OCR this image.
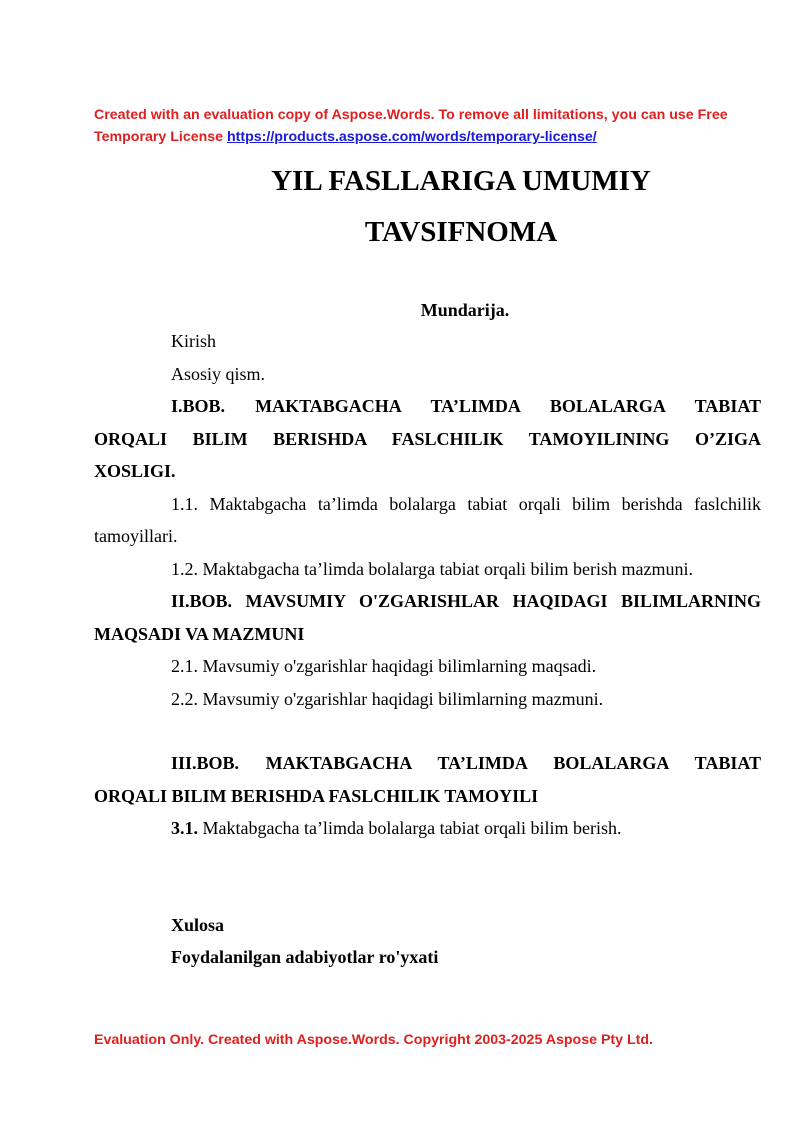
Created with an evaluation copy of Aspose.Words. To remove all limitations, you can use Free
Temporary License https://products.aspose.com/words/temporary-license/
YIL FASLLARIGA UMUMIY
TAVSIFNOMA
Mundarija.
Kirish
Asosiy qism.
I.BOB. MAKTABGACHA TA’LIMDA BOLALARGA TABIAT
ORQALI BILIM BERISHDA FASLCHILIK TAMOYILINING O’ZIGA
XOSLIGI.
1.1. Maktabgacha ta’limda bolalarga tabiat orqali bilim berishda faslchilik
tamoyillari.
1.2. Maktabgacha ta’limda bolalarga tabiat orqali bilim berish mazmuni.
II.BOB. MAVSUMIY O'ZGARISHLAR HAQIDAGI BILIMLARNING
MAQSADI VA MAZMUNI
2.1. Mavsumiy o'zgarishlar haqidagi bilimlarning maqsadi.
2.2. Mavsumiy o'zgarishlar haqidagi bilimlarning mazmuni.
III.BOB. MAKTABGACHA TA’LIMDA BOLALARGA TABIAT
ORQALI BILIM BERISHDA FASLCHILIK TAMOYILI
3.1. Maktabgacha ta’limda bolalarga tabiat orqali bilim berish.
Xulosa
Foydalanilgan adabiyotlar ro'yxati
Evaluation Only. Created with Aspose.Words. Copyright 2003-2025 Aspose Pty Ltd.
